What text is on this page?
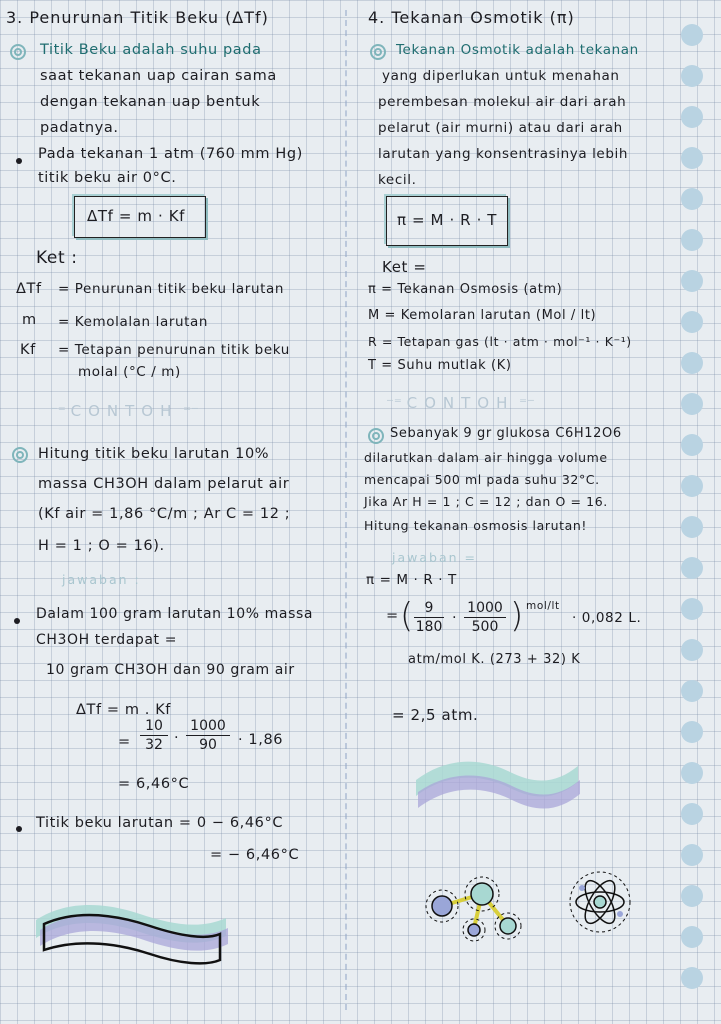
3. Penurunan Titik Beku (ΔTf)
Titik Beku adalah suhu pada
saat tekanan uap cairan sama
dengan tekanan uap bentuk
padatnya.
Pada tekanan 1 atm (760 mm Hg)
titik beku air 0°C.
ΔTf = m · Kf
Ket :
ΔTf = Penurunan titik beku larutan
m = Kemolalan larutan
Kf = Tetapan penurunan titik beku
molal (°C / m)
⁻⁼ CONTOH ⁼⁻
Hitung titik beku larutan 10%
massa CH3OH dalam pelarut air
(Kf air = 1,86 °C/m ; Ar C = 12 ;
H = 1 ; O = 16).
jawaban :
Dalam 100 gram larutan 10% massa
CH3OH terdapat =
10 gram CH3OH dan 90 gram air
ΔTf = m . Kf
=
10
32 ·
1000
90	· 1,86
= 6,46°C
Titik beku larutan = 0 − 6,46°C
= − 6,46°C
4. Tekanan Osmotik (π)
Tekanan Osmotik adalah tekanan
yang diperlukan untuk menahan
perembesan molekul air dari arah
pelarut (air murni) atau dari arah
larutan yang konsentrasinya lebih
kecil.
π = M · R · T
Ket =
π = Tekanan Osmosis (atm)
M = Kemolaran larutan (Mol / lt)
R = Tetapan gas (lt · atm · mol⁻¹ · K⁻¹)
T = Suhu mutlak (K)
⁻⁼ CONTOH ⁼⁻
Sebanyak 9 gr glukosa C6H12O6
dilarutkan dalam air hingga volume
mencapai 500 ml pada suhu 32°C.
Jika Ar H = 1 ; C = 12 ; dan O = 16.
Hitung tekanan osmosis larutan!
jawaban =
π = M · R · T
= ( 9
180
·
1000
500 ) mol/lt
· 0,082 L.
atm/mol K. (273 + 32) K
= 2,5 atm.
